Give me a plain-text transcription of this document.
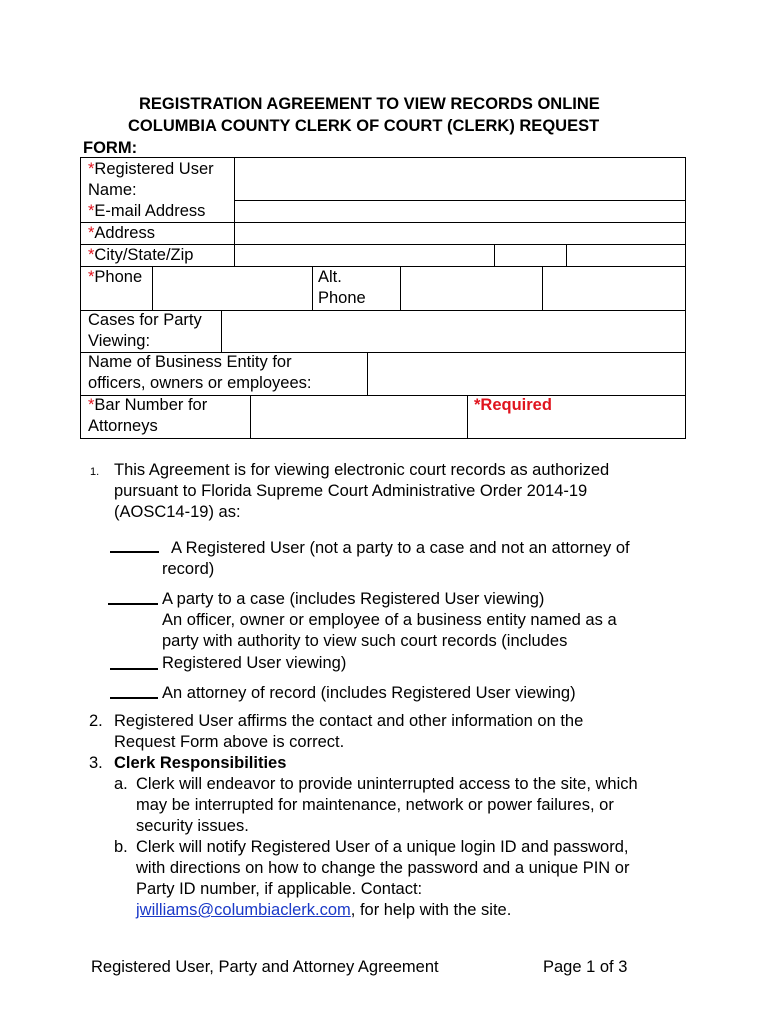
REGISTRATION AGREEMENT TO VIEW RECORDS ONLINE
COLUMBIA COUNTY CLERK OF COURT (CLERK) REQUEST
FORM:
*Registered User
Name:
*E-mail Address
*Address
*City/State/Zip
*Phone	Alt.
Phone
Cases for Party
Viewing:
Name of Business Entity for
officers, owners or employees:
*Bar Number for
Attorneys
*Required
1. This Agreement is for viewing electronic court records as authorized
pursuant to Florida Supreme Court Administrative Order 2014-19
(AOSC14-19) as:
A Registered User (not a party to a case and not an attorney of
record)
A party to a case (includes Registered User viewing)
An officer, owner or employee of a business entity named as a
party with authority to view such court records (includes
Registered User viewing)
An attorney of record (includes Registered User viewing)
2. Registered User affirms the contact and other information on the
Request Form above is correct.
3. Clerk Responsibilities
a. Clerk will endeavor to provide uninterrupted access to the site, which
may be interrupted for maintenance, network or power failures, or
security issues.
b. Clerk will notify Registered User of a unique login ID and password,
with directions on how to change the password and a unique PIN or
Party ID number, if applicable. Contact:
jwilliams@columbiaclerk.com, for help with the site.
Registered User, Party and Attorney Agreement	Page 1 of 3
